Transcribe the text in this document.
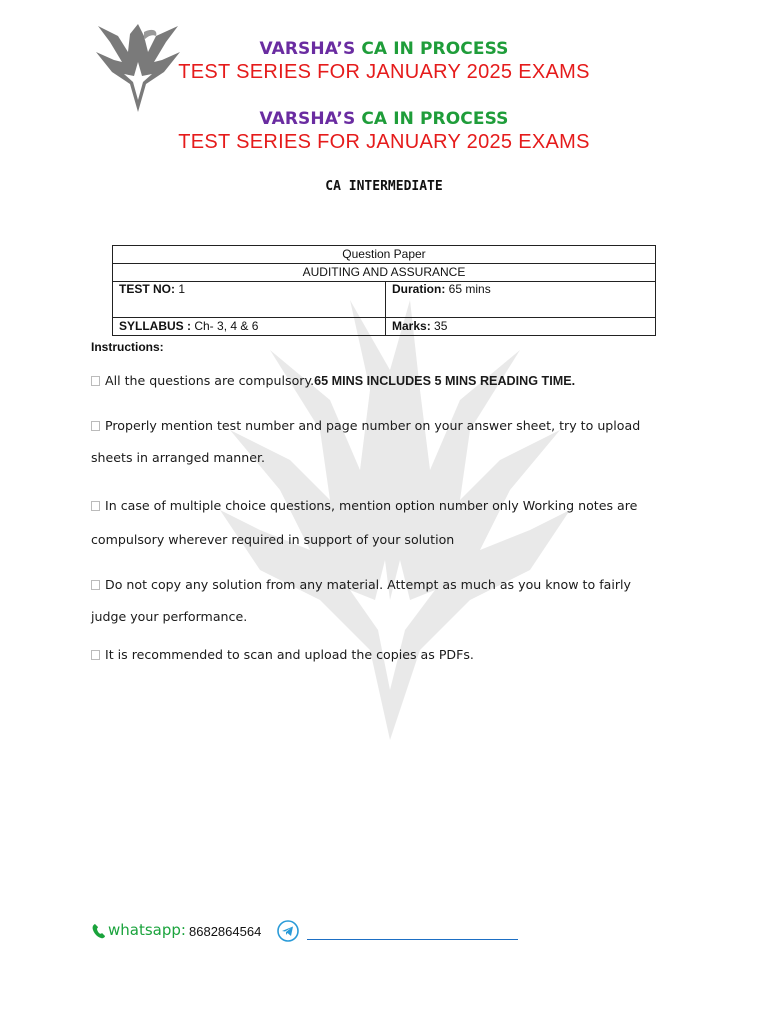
VARSHA’S CA IN PROCESS
TEST SERIES FOR JANUARY 2025 EXAMS
VARSHA’S CA IN PROCESS
TEST SERIES FOR JANUARY 2025 EXAMS
CA INTERMEDIATE
Question Paper	
AUDITING AND ASSURANCE	
TEST NO: 1	Duration: 65 mins
SYLLABUS : Ch- 3, 4 & 6	Marks: 35
Instructions:
All the questions are compulsory.65 MINS INCLUDES 5 MINS READING TIME.
Properly mention test number and page number on your answer sheet, try to upload
sheets in arranged manner.
In case of multiple choice questions, mention option number only Working notes are
compulsory wherever required in support of your solution
Do not copy any solution from any material. Attempt as much as you know to fairly
judge your performance.
It is recommended to scan and upload the copies as PDFs.
whatsapp: 8682864564
